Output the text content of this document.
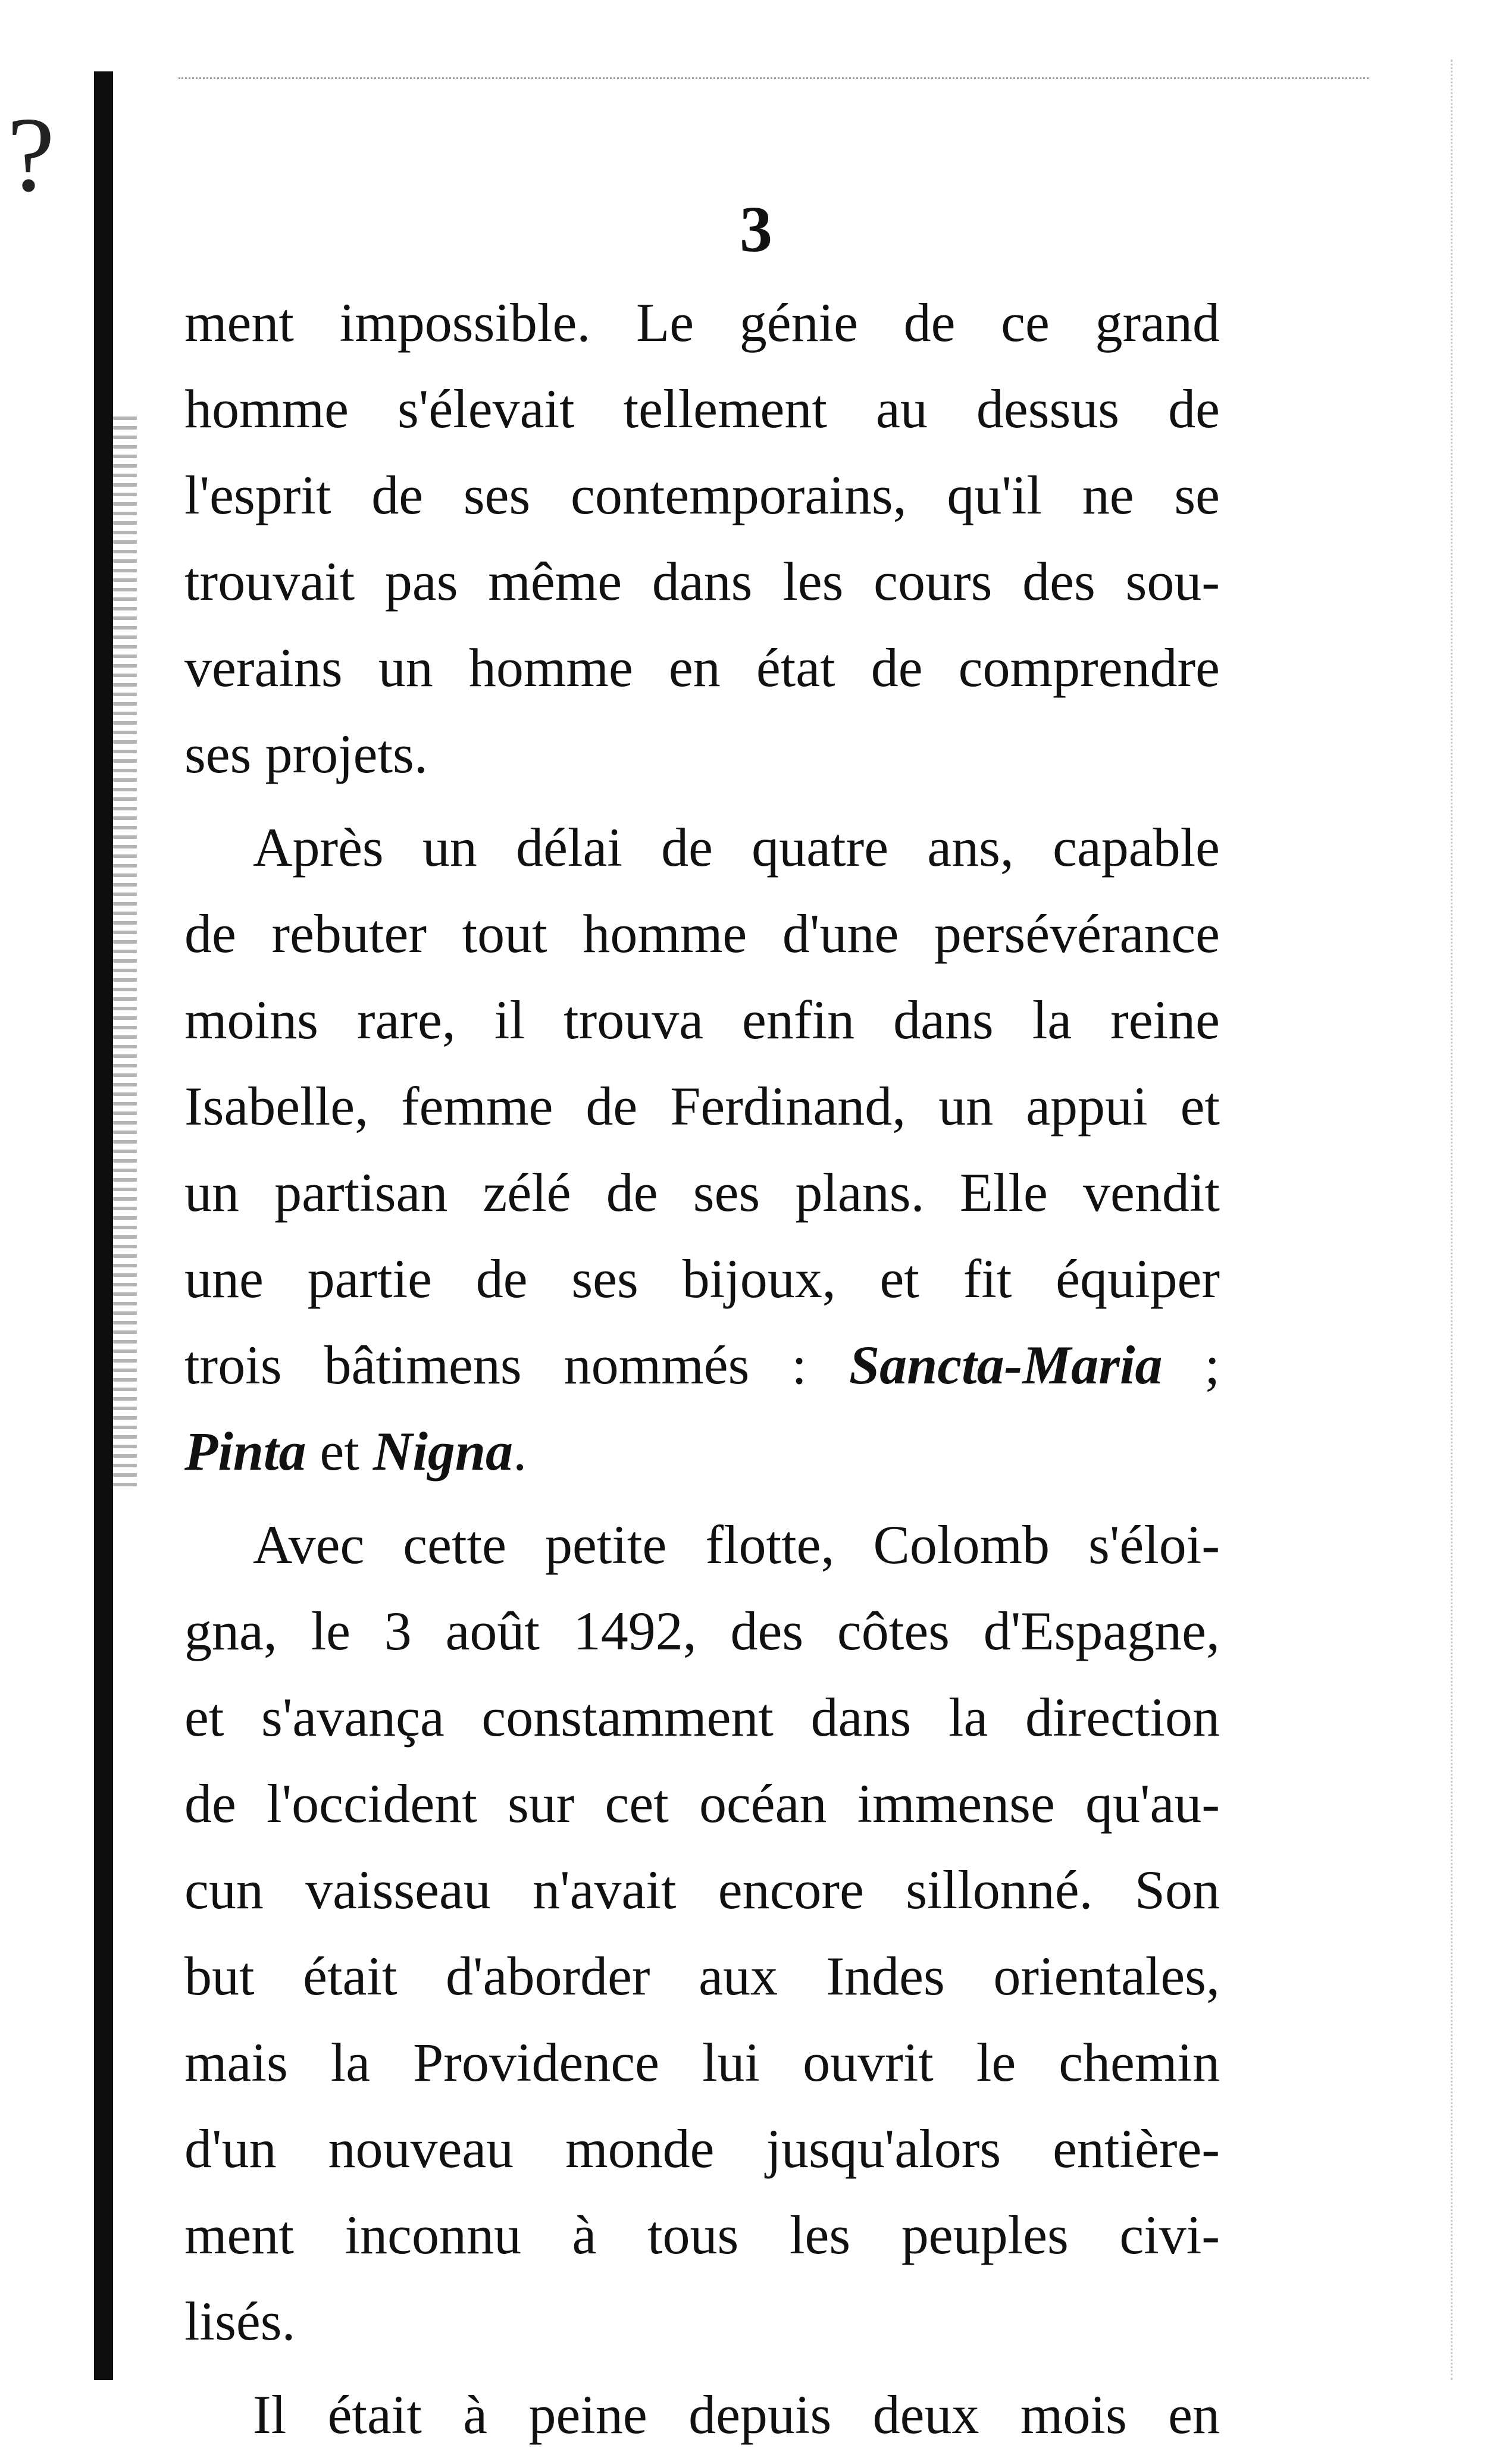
?
3
ment impossible. Le génie de ce grand
homme s'élevait tellement au dessus de
l'esprit de ses contemporains, qu'il ne se
trouvait pas même dans les cours des sou-
verains un homme en état de comprendre
ses projets.
Après un délai de quatre ans, capable
de rebuter tout homme d'une persévérance
moins rare, il trouva enfin dans la reine
Isabelle, femme de Ferdinand, un appui et
un partisan zélé de ses plans. Elle vendit
une partie de ses bijoux, et fit équiper
trois bâtimens nommés : Sancta-Maria ;
Pinta et Nigna.
Avec cette petite flotte, Colomb s'éloi-
gna, le 3 août 1492, des côtes d'Espagne,
et s'avança constamment dans la direction
de l'occident sur cet océan immense qu'au-
cun vaisseau n'avait encore sillonné. Son
but était d'aborder aux Indes orientales,
mais la Providence lui ouvrit le chemin
d'un nouveau monde jusqu'alors entière-
ment inconnu à tous les peuples civi-
lisés.
Il était à peine depuis deux mois en
